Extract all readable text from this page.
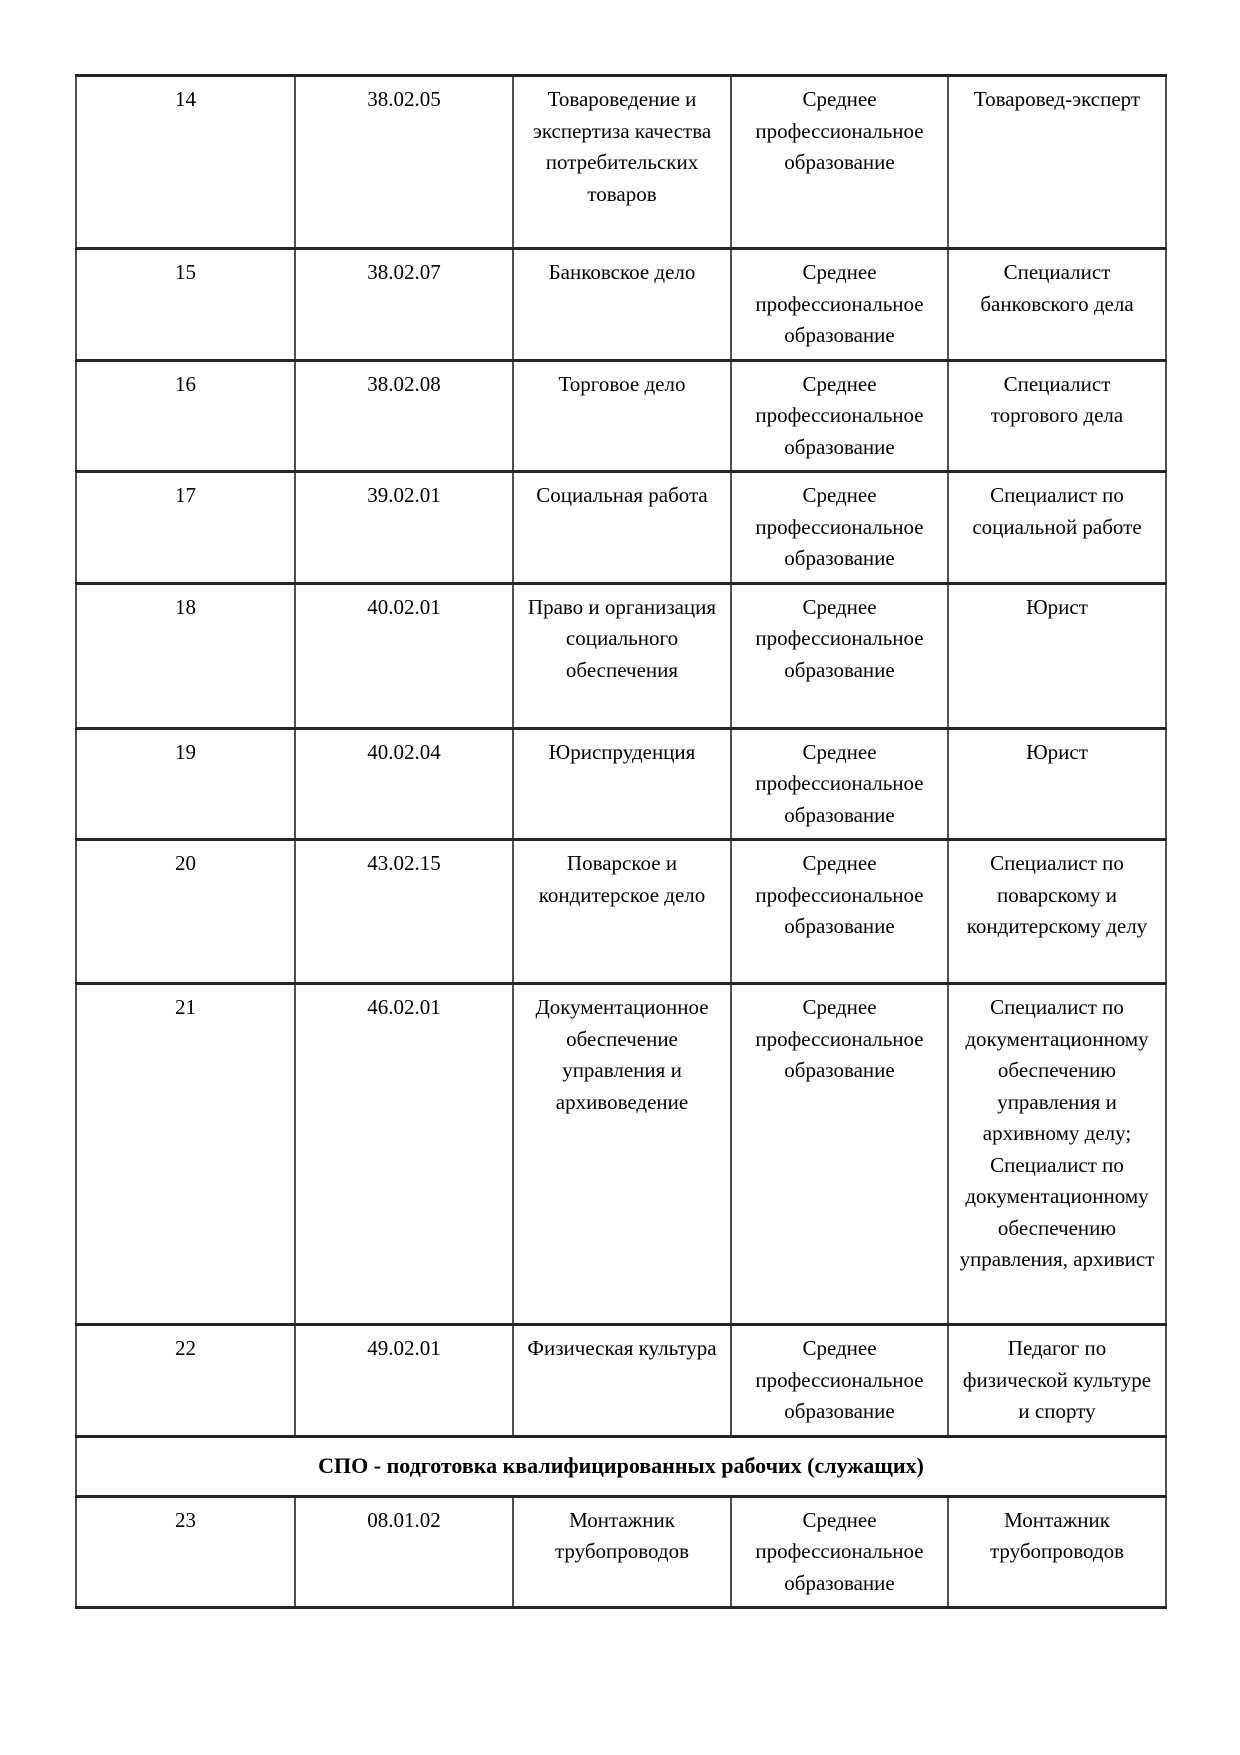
14	38.02.05	Товароведение и экспертиза качества потребительских товаров	Среднее профессиональное образование	Товаровед-эксперт
15	38.02.07	Банковское дело	Среднее профессиональное образование	Специалист банковского дела
16	38.02.08	Торговое дело	Среднее профессиональное образование	Специалист торгового дела
17	39.02.01	Социальная работа	Среднее профессиональное образование	Специалист по социальной работе
18	40.02.01	Право и организация социального обеспечения	Среднее профессиональное образование	Юрист
19	40.02.04	Юриспруденция	Среднее профессиональное образование	Юрист
20	43.02.15	Поварское и кондитерское дело	Среднее профессиональное образование	Специалист по поварскому и кондитерскому делу
21	46.02.01	Документационное обеспечение управления и архивоведение	Среднее профессиональное образование	Специалист по документационному обеспечению управления и архивному делу; Специалист по документационному обеспечению управления, архивист
22	49.02.01	Физическая культура	Среднее профессиональное образование	Педагог по физической культуре и спорту
СПО - подготовка квалифицированных рабочих (служащих)				
23	08.01.02	Монтажник трубопроводов	Среднее профессиональное образование	Монтажник трубопроводов
